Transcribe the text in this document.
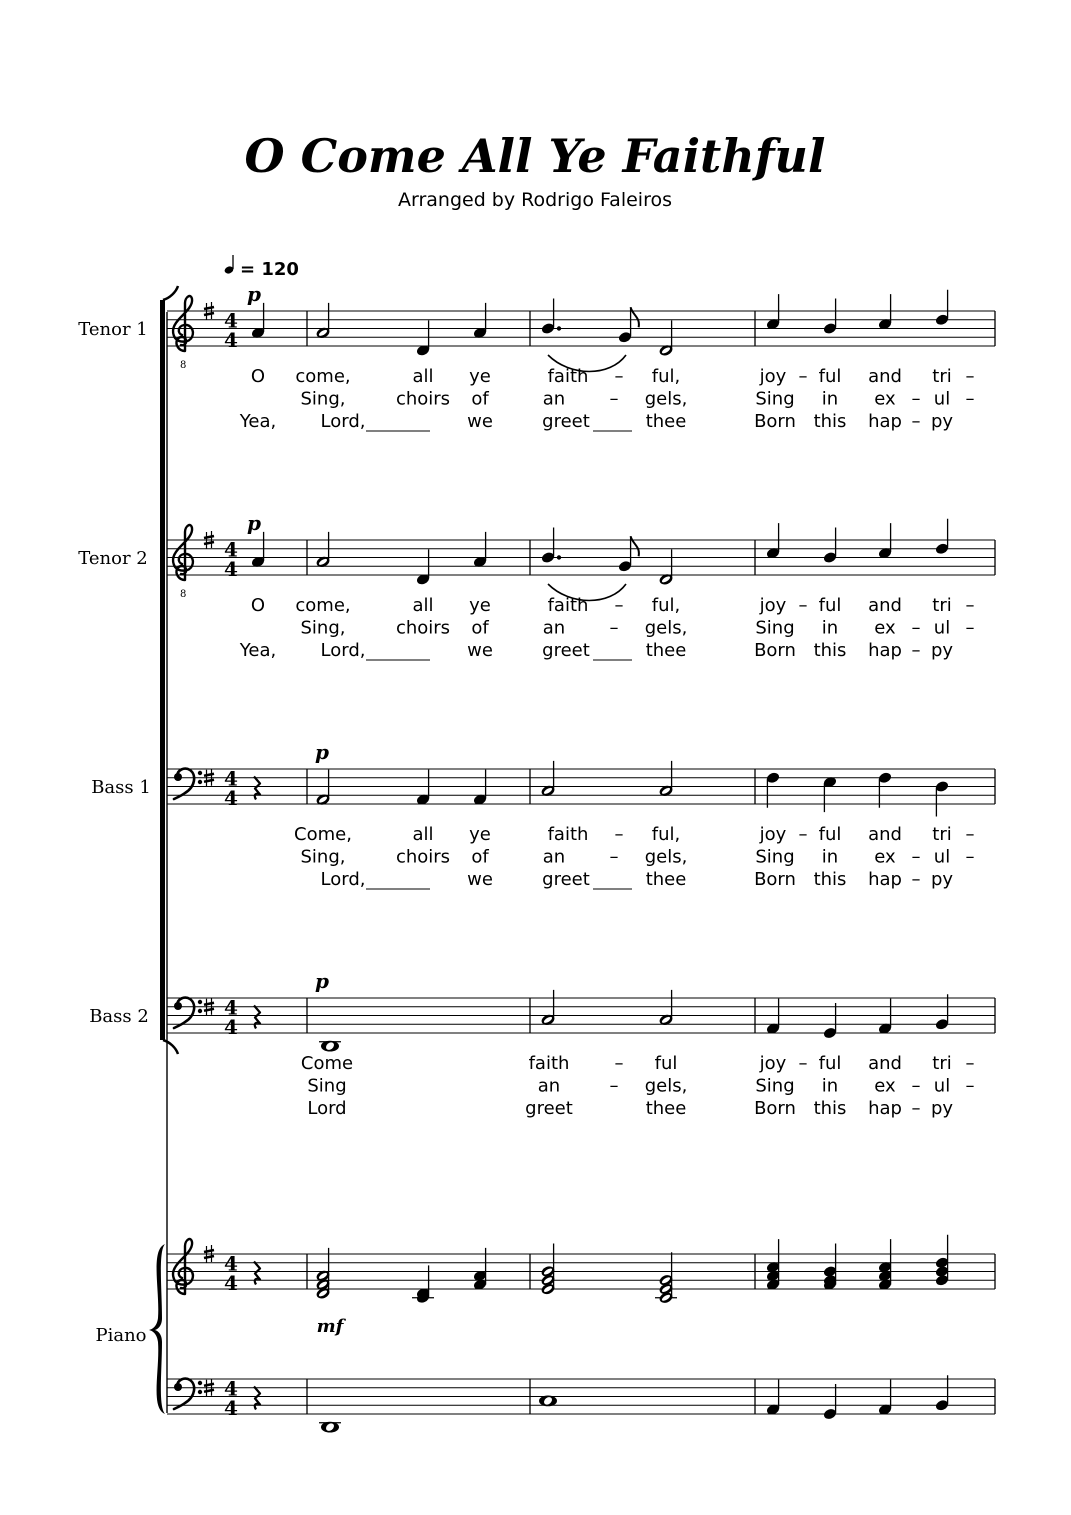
O Come All Ye Faithful
Arranged by Rodrigo Faleiros
= 120
8
4
4
Tenor 1
p
O come,	all ye	faith – ful,	joy – ful and tri –
Sing,	choirs of	an – gels,	Sing in ex – ul –
Yea, Lord,	we	greet	thee	Born this hap – py
8
4
4
Tenor 2
p
O come,	all ye	faith – ful,	joy – ful and tri –
Sing,	choirs of	an – gels,	Sing in ex – ul –
Yea, Lord,	we	greet	thee	Born this hap – py
4
4
Bass 1
p
Come,	all ye	faith – ful,	joy – ful and tri –
Sing,	choirs of	an – gels,	Sing in ex – ul –
Lord,	we	greet	thee	Born this hap – py
4
4
Bass 2
p
Come	faith	– ful	joy – ful and tri –
Sing	an	– gels,	Sing in ex – ul –
Lord	greet	thee	Born this hap – py
4
4
Piano	mf
4
4
